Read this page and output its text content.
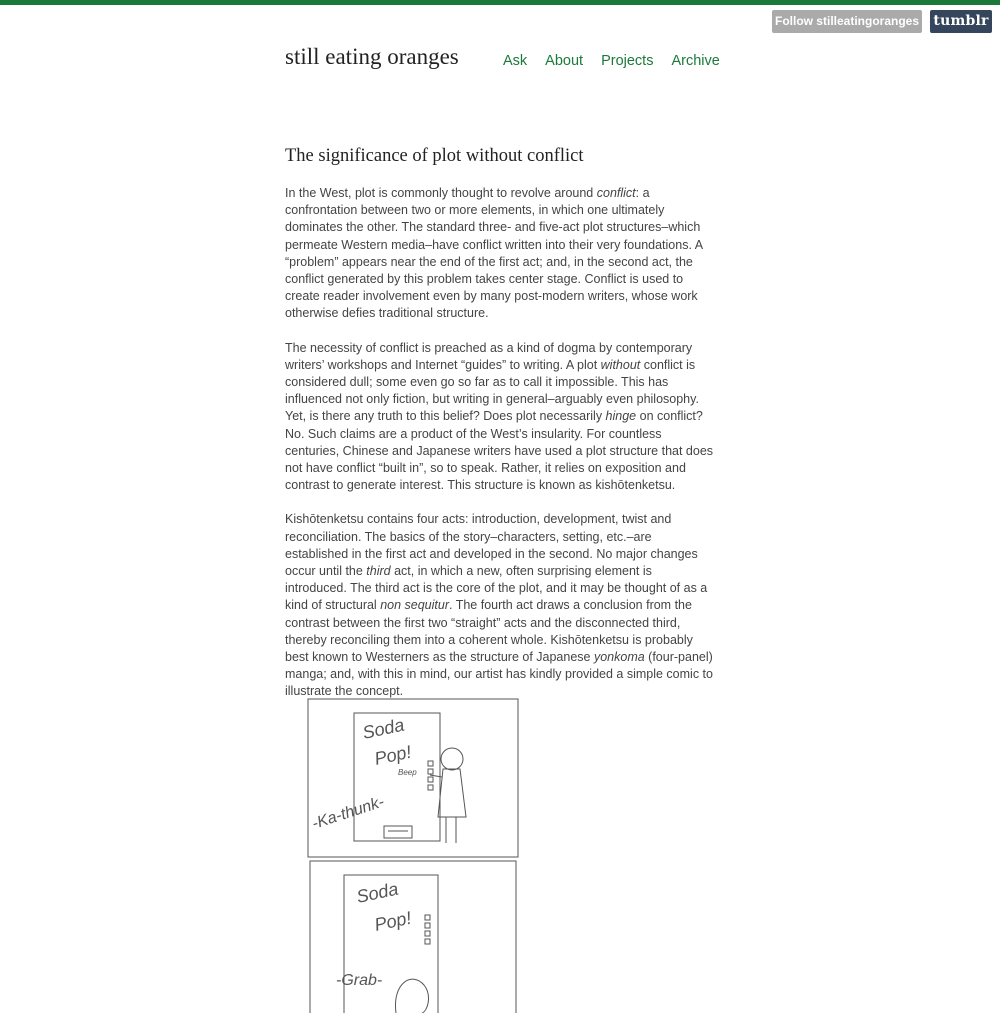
Follow stilleatingoranges tumblr
still eating oranges	Ask About Projects Archive
The significance of plot without conflict

In the West, plot is commonly thought to revolve around conflict: a confrontation between two or more elements, in which one ultimately dominates the other. The standard three- and five-act plot structures–which permeate Western media–have conflict written into their very foundations. A “problem” appears near the end of the first act; and, in the second act, the conflict generated by this problem takes center stage. Conflict is used to create reader involvement even by many post-modern writers, whose work otherwise defies traditional structure.

The necessity of conflict is preached as a kind of dogma by contemporary writers’ workshops and Internet “guides” to writing. A plot without conflict is considered dull; some even go so far as to call it impossible. This has influenced not only fiction, but writing in general–arguably even philosophy. Yet, is there any truth to this belief? Does plot necessarily hinge on conflict? No. Such claims are a product of the West’s insularity. For countless centuries, Chinese and Japanese writers have used a plot structure that does not have conflict “built in”, so to speak. Rather, it relies on exposition and contrast to generate interest. This structure is known as kishōtenketsu.

Kishōtenketsu contains four acts: introduction, development, twist and reconciliation. The basics of the story–characters, setting, etc.–are established in the first act and developed in the second. No major changes occur until the third act, in which a new, often surprising element is introduced. The third act is the core of the plot, and it may be thought of as a kind of structural non sequitur. The fourth act draws a conclusion from the contrast between the first two “straight” acts and the disconnected third, thereby reconciling them into a coherent whole. Kishōtenketsu is probably best known to Westerners as the structure of Japanese yonkoma (four-panel) manga; and, with this in mind, our artist has kindly provided a simple comic to illustrate the concept.

Soda
Pop!
Beep
-Ka-thunk-
Soda
Pop!
-Grab-
